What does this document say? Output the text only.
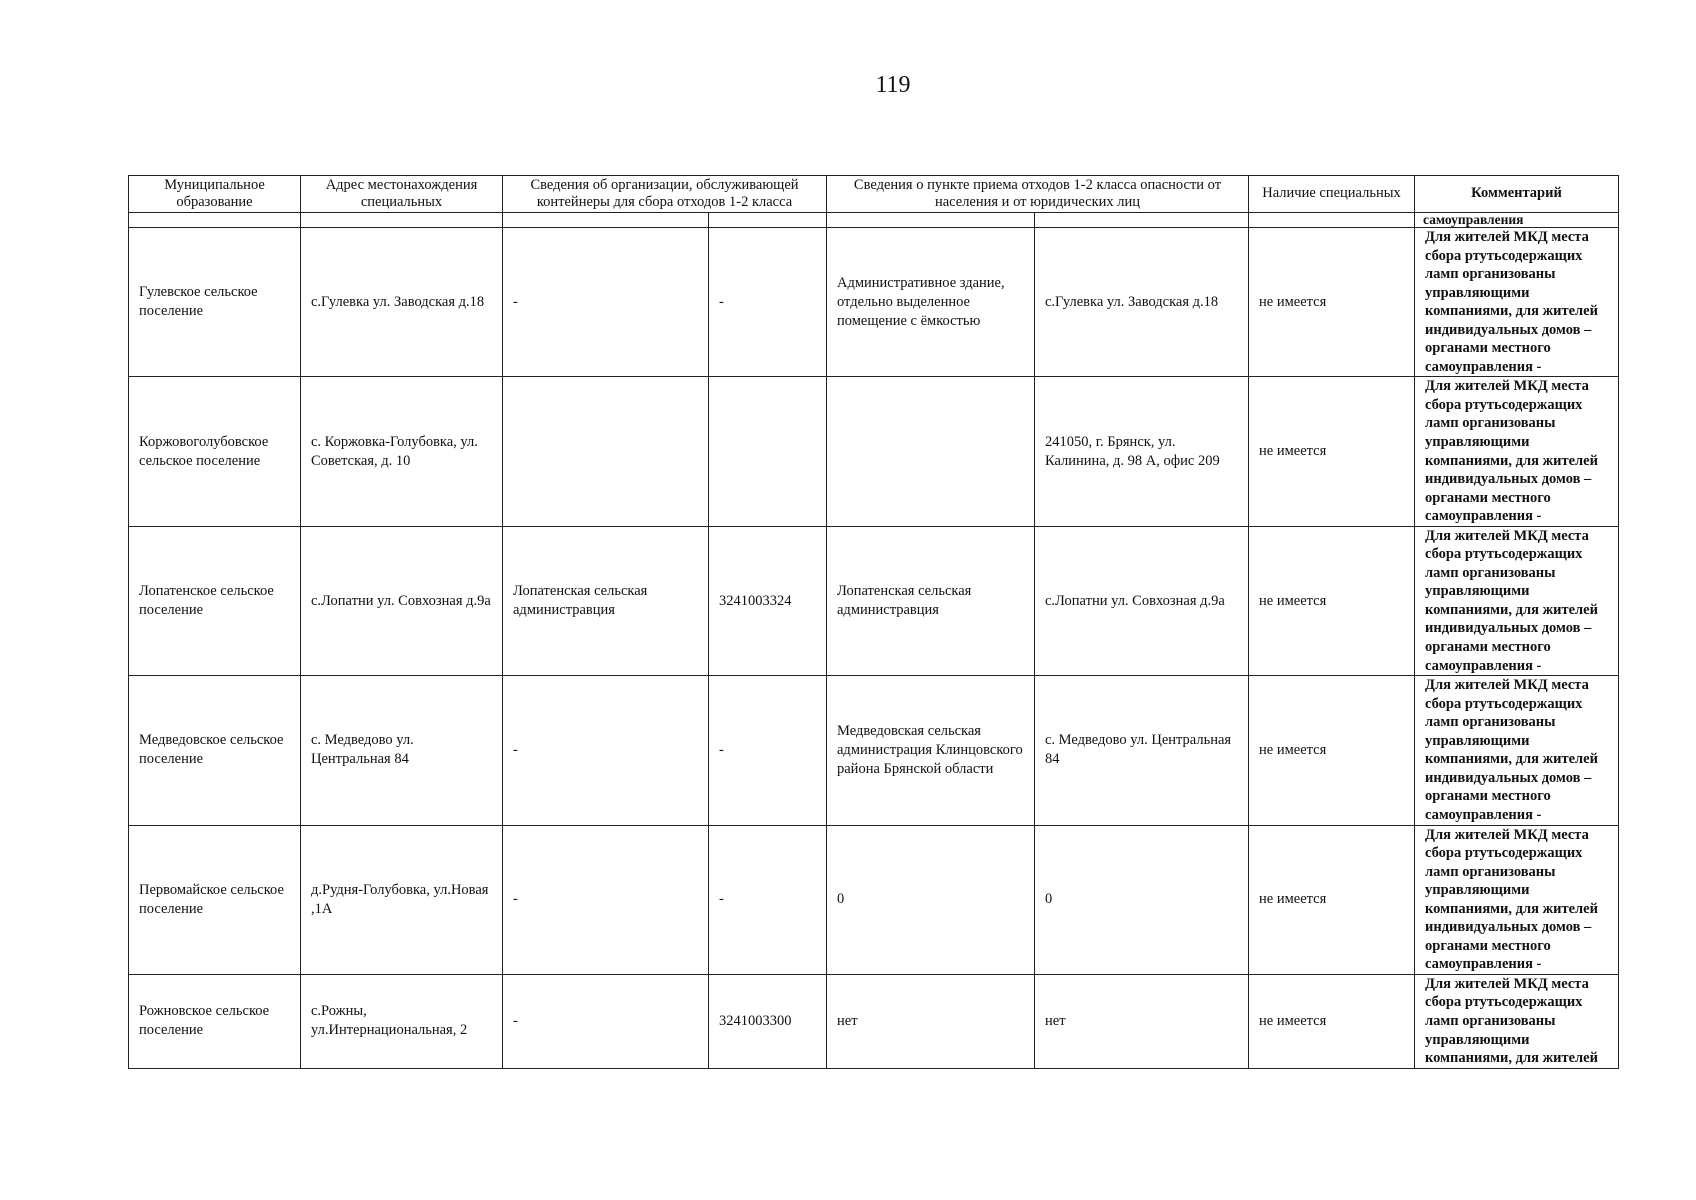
119
Муниципальное образование	Адрес местонахождения специальных	Сведения об организации, обслуживающей контейнеры для сбора отходов 1-2 класса		Сведения о пункте приема отходов 1-2 класса опасности от населения и от юридических лиц		Наличие специальных	Комментарий
							самоуправления
Гулевское сельское поселение	с.Гулевка ул. Заводская д.18	-	-	Административное здание, отдельно выделенное помещение с ёмкостью	с.Гулевка ул. Заводская д.18	не имеется	Для жителей МКД места сбора ртутьсодержащих ламп организованы управляющими компаниями, для жителей индивидуальных домов – органами местного самоуправления -
Коржовоголубовское сельское поселение	с. Коржовка-Голубовка, ул. Советская, д. 10				241050, г. Брянск, ул. Калинина, д. 98 А, офис 209	не имеется	Для жителей МКД места сбора ртутьсодержащих ламп организованы управляющими компаниями, для жителей индивидуальных домов – органами местного самоуправления -
Лопатенское сельское поселение	с.Лопатни ул. Совхозная д.9а	Лопатенская сельская администравция	3241003324	Лопатенская сельская администравция	с.Лопатни ул. Совхозная д.9а	не имеется	Для жителей МКД места сбора ртутьсодержащих ламп организованы управляющими компаниями, для жителей индивидуальных домов – органами местного самоуправления -
Медведовское сельское поселение	с. Медведово ул. Центральная 84	-	-	Медведовская сельская администрация Клинцовского района Брянской области	с. Медведово ул. Центральная 84	не имеется	Для жителей МКД места сбора ртутьсодержащих ламп организованы управляющими компаниями, для жителей индивидуальных домов – органами местного самоуправления -
Первомайское сельское поселение	д.Рудня-Голубовка, ул.Новая ,1А	-	-	0	0	не имеется	Для жителей МКД места сбора ртутьсодержащих ламп организованы управляющими компаниями, для жителей индивидуальных домов – органами местного самоуправления -
Рожновское сельское поселение	с.Рожны, ул.Интернациональная, 2	-	3241003300	нет	нет	не имеется	Для жителей МКД места сбора ртутьсодержащих ламп организованы управляющими компаниями, для жителей
